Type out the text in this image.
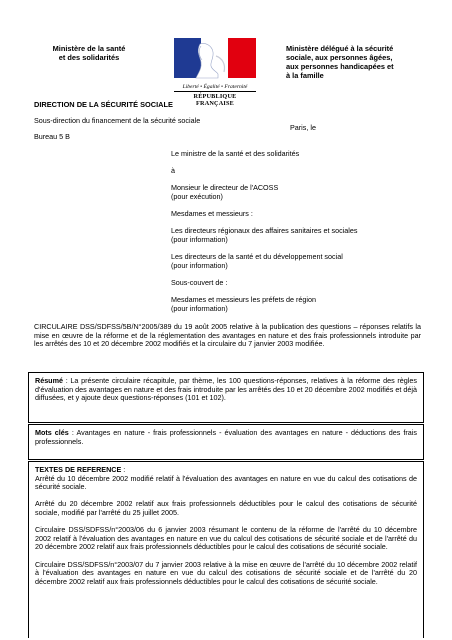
Ministère de la santé
et des solidarités
Liberté • Égalité • Fraternité
RÉPUBLIQUE FRANÇAISE
Ministère délégué à la sécurité
sociale, aux personnes âgées,
aux personnes handicapées et
à la famille
DIRECTION DE LA SÉCURITÉ SOCIALE
Sous-direction du financement de la sécurité sociale
Bureau 5 B
Paris, le
Le ministre de la santé et des solidarités
à
Monsieur le directeur de l'ACOSS
(pour exécution)
Mesdames et messieurs :
Les directeurs régionaux des affaires sanitaires et sociales
(pour information)
Les directeurs de la santé et du développement social
(pour information)
Sous-couvert de :
Mesdames et messieurs les préfets de région
(pour information)
CIRCULAIRE DSS/SDFSS/5B/N°2005/389 du 19 août 2005 relative à la publication des questions – réponses relatifs la mise en œuvre de la réforme et de la réglementation des avantages en nature et des frais professionnels introduite par les arrêtés des 10 et 20 décembre 2002 modifiés et la circulaire du 7 janvier 2003 modifiée.
Résumé : La présente circulaire récapitule, par thème, les 100 questions-réponses, relatives à la réforme des règles d'évaluation des avantages en nature et des frais introduite par les arrêtés des 10 et 20 décembre 2002 modifiés et déjà diffusées, et y ajoute deux questions-réponses (101 et 102).
Mots clés : Avantages en nature - frais professionnels - évaluation des avantages en nature - déductions des frais professionnels.
TEXTES DE REFERENCE :
Arrêté du 10 décembre 2002 modifié relatif à l'évaluation des avantages en nature en vue du calcul des cotisations de sécurité sociale.
Arrêté du 20 décembre 2002 relatif aux frais professionnels déductibles pour le calcul des cotisations de sécurité sociale, modifié par l'arrêté du 25 juillet 2005.
Circulaire DSS/SDFSS/n°2003/06 du 6 janvier 2003 résumant le contenu de la réforme de l'arrêté du 10 décembre 2002 relatif à l'évaluation des avantages en nature en vue du calcul des cotisations de sécurité sociale et de l'arrêté du 20 décembre 2002 relatif aux frais professionnels déductibles pour le calcul des cotisations de sécurité sociale.
Circulaire DSS/SDFSS/n°2003/07 du 7 janvier 2003 relative à la mise en œuvre de l'arrêté du 10 décembre 2002 relatif à l'évaluation des avantages en nature en vue du calcul des cotisations de sécurité sociale et de l'arrêté du 20 décembre 2002 relatif aux frais professionnels déductibles pour le calcul des cotisations de sécurité sociale.
